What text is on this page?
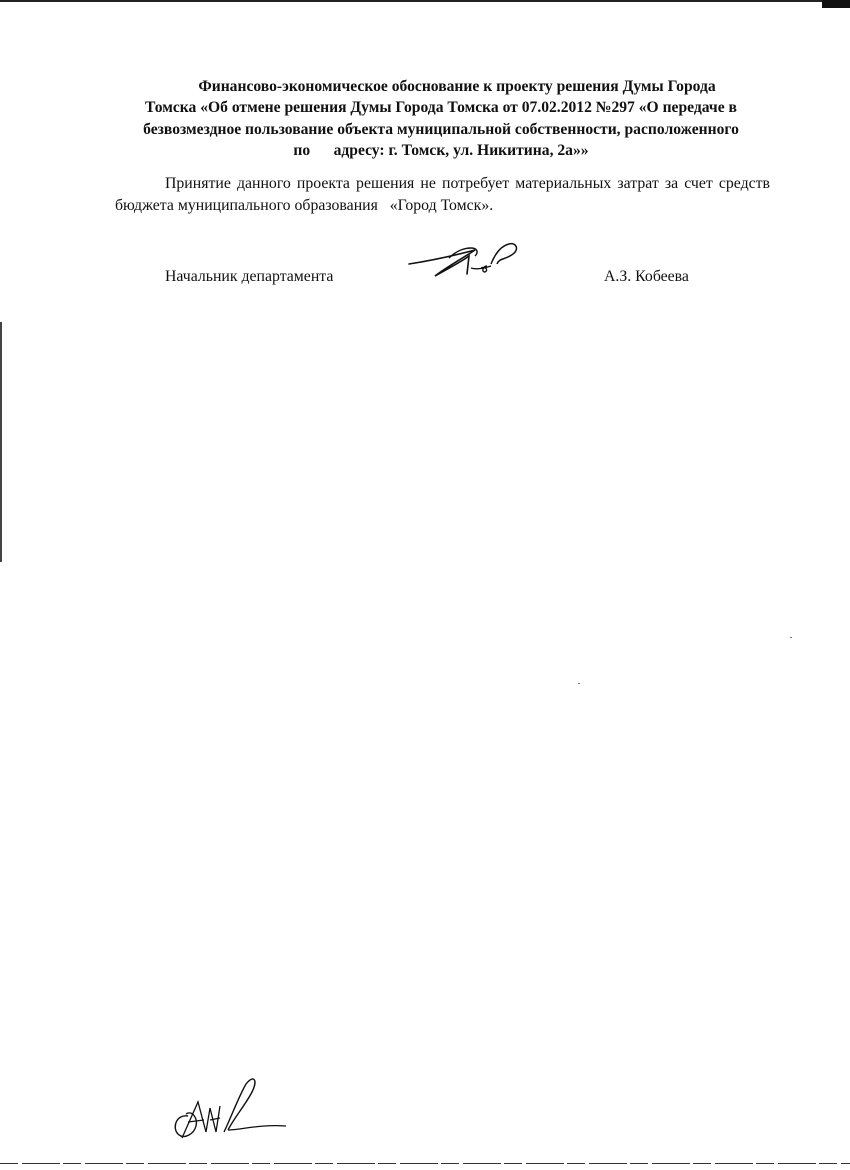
Финансово-экономическое обоснование к проекту решения Думы Города
Томска «Об отмене решения Думы Города Томска от 07.02.2012 №297 «О передаче в
безвозмездное пользование объекта муниципальной собственности, расположенного
по      адресу: г. Томск, ул. Никитина, 2а»»

Принятие данного проекта решения не потребует материальных затрат за счет средств бюджета муниципального образования   «Город Томск».

Начальник департамента	А.З. Кобеева
